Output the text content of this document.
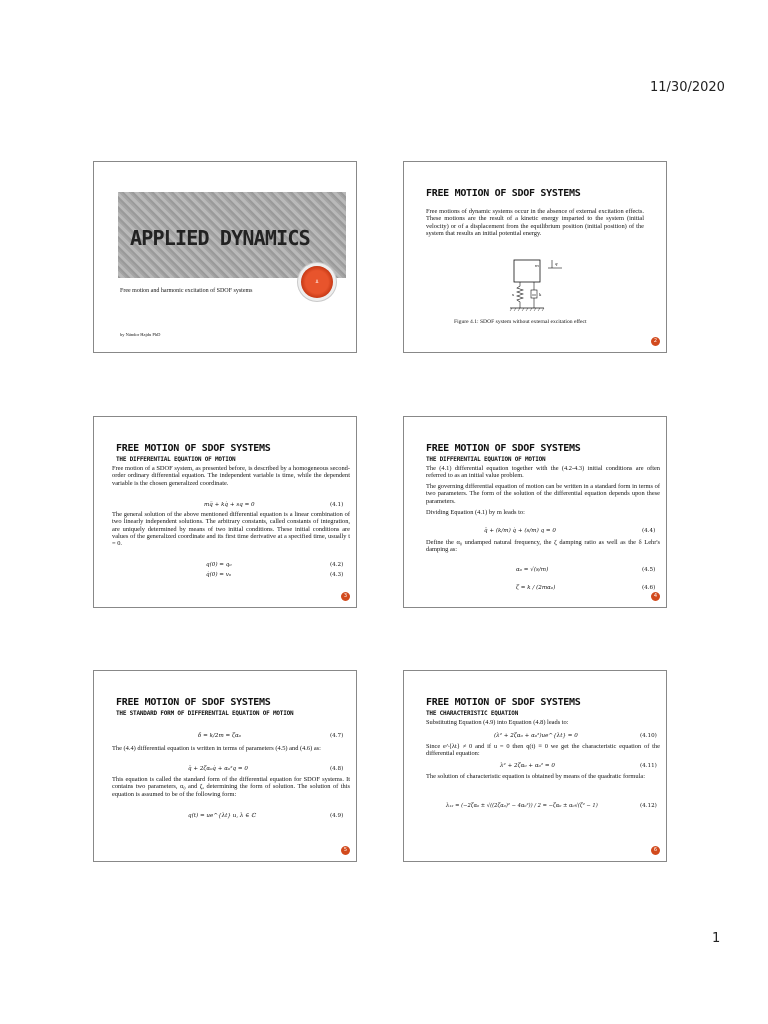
11/30/2020
APPLIED DYNAMICS
Δ
Free motion and harmonic excitation of SDOF systems
by Nándor Hajdu PhD
FREE MOTION OF SDOF SYSTEMS
Free motions of dynamic systems occur in the absence of external excitation effects. These motions are the result of a kinetic energy imparted to the system (initial velocity) or of a displacement from the equilibrium position (initial position) of the system that results an initial potential energy.
m	q
s	k
Figure 4.1: SDOF system without external excitation effect
2
FREE MOTION OF SDOF SYSTEMS
THE DIFFERENTIAL EQUATION OF MOTION
Free motion of a SDOF system, as presented before, is described by a homogeneous second-order ordinary differential equation. The independent variable is time, while the dependent variable is the chosen generalized coordinate.
mq̈ + kq̇ + sq = 0	(4.1)
The general solution of the above mentioned differential equation is a linear combination of two linearly independent solutions. The arbitrary constants, called constants of integration, are uniquely determined by means of two initial conditions. These initial conditions are values of the generalized coordinate and its first time derivative at a specified time, usually t = 0.
q(0) = q₀	(4.2)
q̇(0) = v₀	(4.3)
3
FREE MOTION OF SDOF SYSTEMS
THE DIFFERENTIAL EQUATION OF MOTION
The (4.1) differential equation together with the (4.2-4.3) initial conditions are often referred to as an initial value problem.
The governing differential equation of motion can be written in a standard form in terms of two parameters. The form of the solution of the differential equation depends upon these parameters.
Dividing Equation (4.1) by m leads to:
q̈ + (k/m) q̇ + (s/m) q = 0	(4.4)
Define the α₀ undamped natural frequency, the ζ damping ratio as well as the δ Lehr's damping as:
α₀ = √(s/m)	(4.5)
ζ = k / (2mα₀)	(4.6)
4
FREE MOTION OF SDOF SYSTEMS
THE STANDARD FORM OF DIFFERENTIAL EQUATION OF MOTION
δ = k/2m = ζα₀	(4.7)
The (4.4) differential equation is written in terms of parameters (4.5) and (4.6) as:
q̈ + 2ζα₀q̇ + α₀²q = 0	(4.8)
This equation is called the standard form of the differential equation for SDOF systems. It contains two parameters, α₀ and ζ, determining the form of solution. The solution of this equation is assumed to be of the following form:
q(t) = ue^{λt} u, λ ∈ ℂ	(4.9)
5
FREE MOTION OF SDOF SYSTEMS
THE CHARACTERISTIC EQUATION
Substituting Equation (4.9) into Equation (4.8) leads to:
(λ² + 2ζα₀ + α₀²)ue^{λt} = 0	(4.10)
Since e^{λt} ≠ 0 and if u = 0 then q(t) ≡ 0 we get the characteristic equation of the differential equation:
λ² + 2ζα₀ + α₀² = 0	(4.11)
The solution of characteristic equation is obtained by means of the quadratic formula:
λ₁₂ = (−2ζα₀ ± √((2ζα₀)² − 4α₀²)) / 2 = −ζα₀ ± α₀√(ζ² − 1)	(4.12)
6
1
